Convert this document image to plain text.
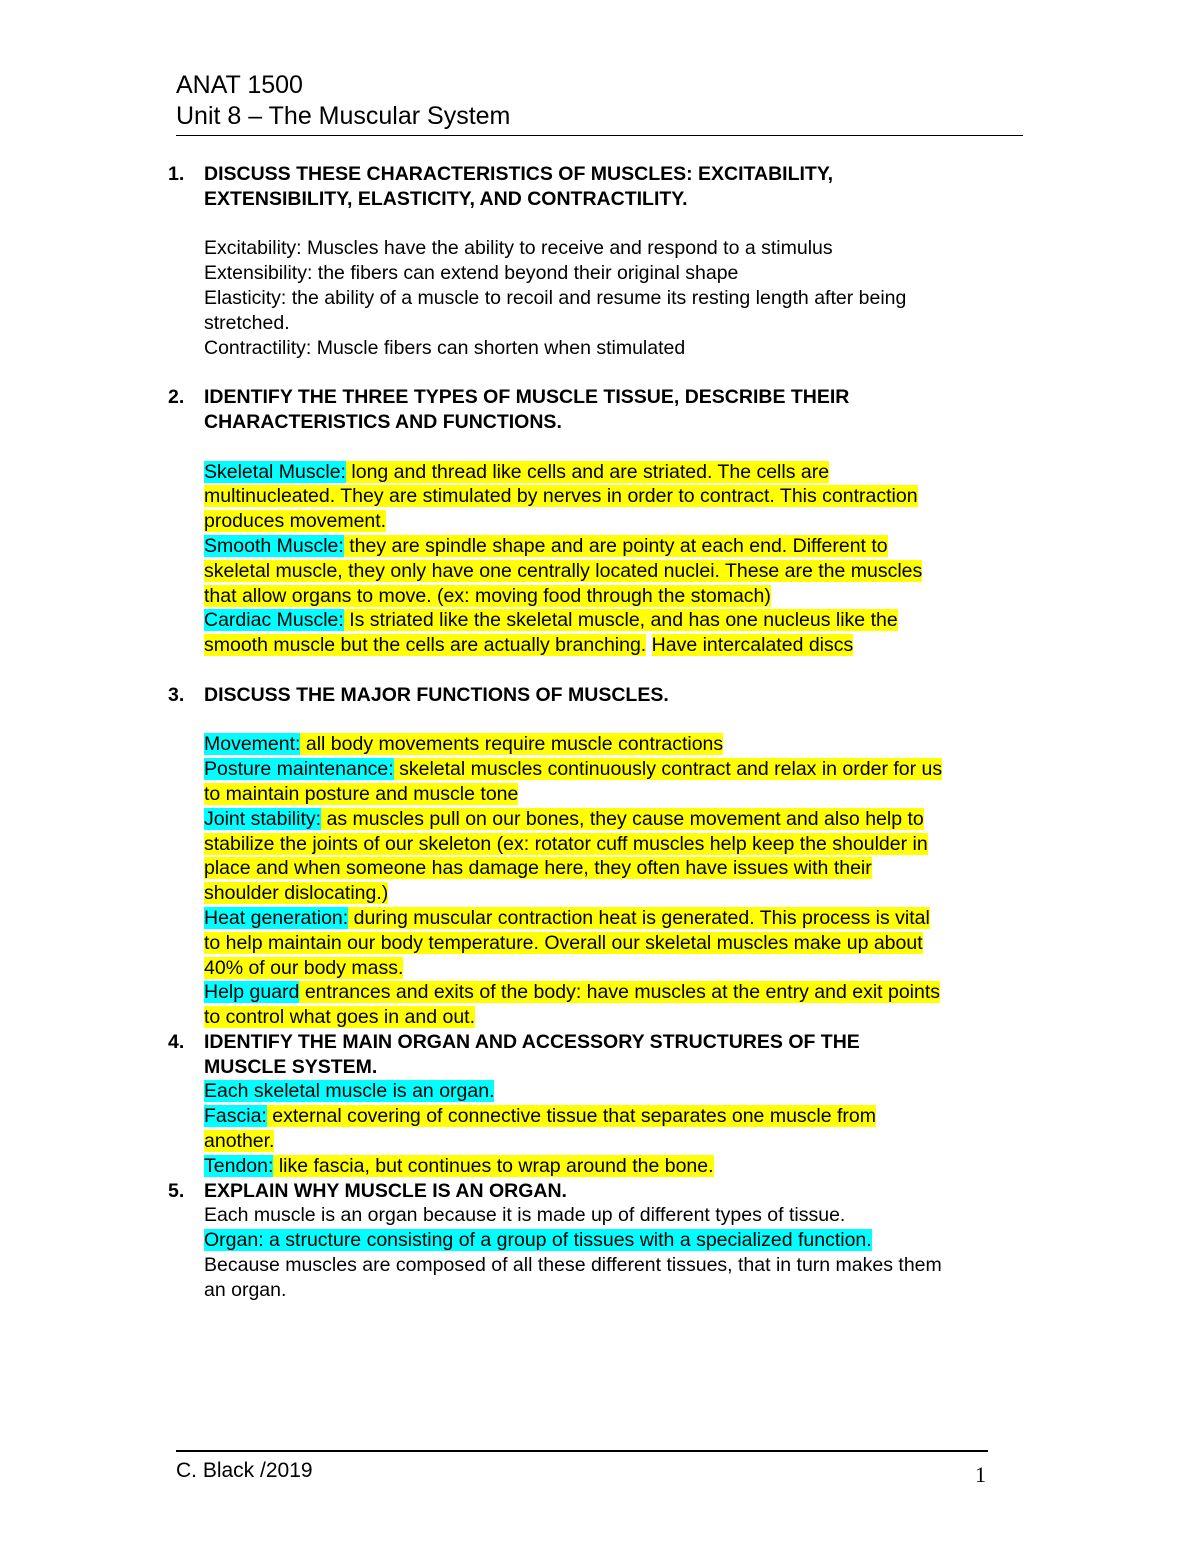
ANAT 1500
Unit 8 – The Muscular System
1.	DISCUSS THESE CHARACTERISTICS OF MUSCLES: EXCITABILITY,
EXTENSIBILITY, ELASTICITY, AND CONTRACTILITY.
Excitability: Muscles have the ability to receive and respond to a stimulus
Extensibility: the fibers can extend beyond their original shape
Elasticity: the ability of a muscle to recoil and resume its resting length after being
stretched.
Contractility: Muscle fibers can shorten when stimulated
2.	IDENTIFY THE THREE TYPES OF MUSCLE TISSUE, DESCRIBE THEIR
CHARACTERISTICS AND FUNCTIONS.
Skeletal Muscle: long and thread like cells and are striated. The cells are
multinucleated. They are stimulated by nerves in order to contract. This contraction
produces movement.
Smooth Muscle: they are spindle shape and are pointy at each end. Different to
skeletal muscle, they only have one centrally located nuclei. These are the muscles
that allow organs to move. (ex: moving food through the stomach)
Cardiac Muscle: Is striated like the skeletal muscle, and has one nucleus like the
smooth muscle but the cells are actually branching. Have intercalated discs
3.	DISCUSS THE MAJOR FUNCTIONS OF MUSCLES.
Movement: all body movements require muscle contractions
Posture maintenance: skeletal muscles continuously contract and relax in order for us
to maintain posture and muscle tone
Joint stability: as muscles pull on our bones, they cause movement and also help to
stabilize the joints of our skeleton (ex: rotator cuff muscles help keep the shoulder in
place and when someone has damage here, they often have issues with their
shoulder dislocating.)
Heat generation: during muscular contraction heat is generated. This process is vital
to help maintain our body temperature. Overall our skeletal muscles make up about
40% of our body mass.
Help guard entrances and exits of the body: have muscles at the entry and exit points
to control what goes in and out.
4.	IDENTIFY THE MAIN ORGAN AND ACCESSORY STRUCTURES OF THE
MUSCLE SYSTEM.
Each skeletal muscle is an organ.
Fascia: external covering of connective tissue that separates one muscle from
another.
Tendon: like fascia, but continues to wrap around the bone.
5.	EXPLAIN WHY MUSCLE IS AN ORGAN.
Each muscle is an organ because it is made up of different types of tissue.
Organ: a structure consisting of a group of tissues with a specialized function.
Because muscles are composed of all these different tissues, that in turn makes them
an organ.
C. Black /2019	1
